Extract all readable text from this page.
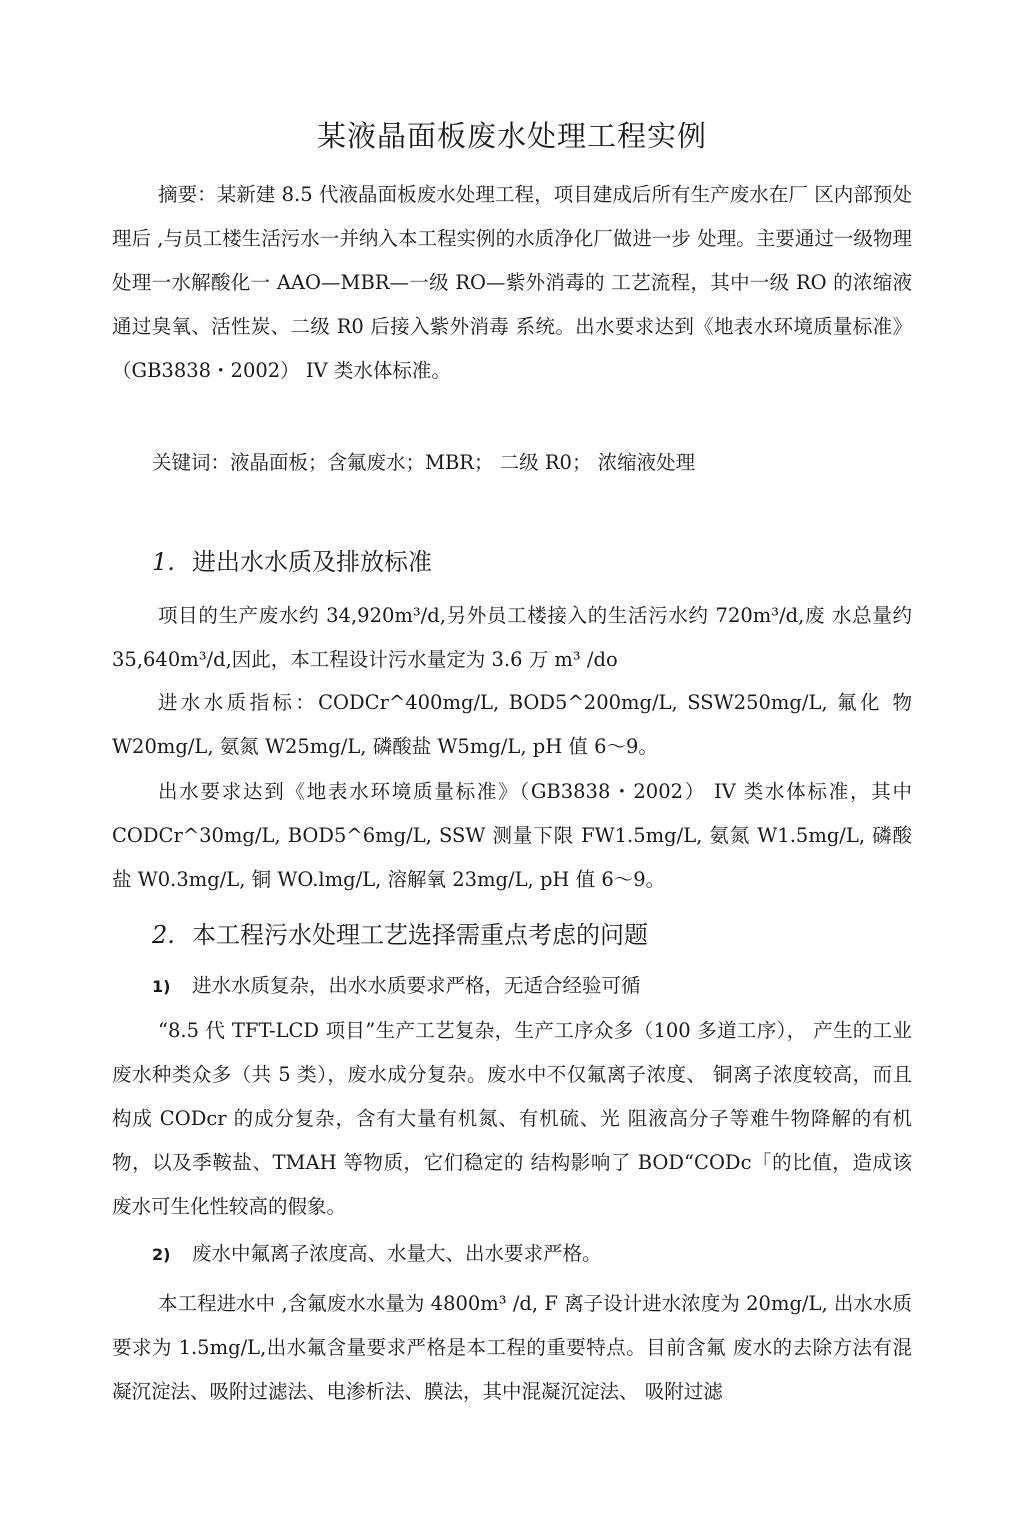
某液晶面板废水处理工程实例
摘要：某新建 8.5 代液晶面板废水处理工程，项目建成后所有生产废水在厂 区内部预处理后 ,与员工楼生活污水一并纳入本工程实例的水质净化厂做进一步 处理。主要通过一级物理处理一水解酸化一 AAO—MBR—一级 RO—紫外消毒的 工艺流程，其中一级 RO 的浓缩液通过臭氧、活性炭、二级 R0 后接入紫外消毒 系统。出水要求达到《地表水环境质量标准》（GB3838・2002） IV 类水体标准。
关键词：液晶面板；含氟废水；MBR； 二级 R0； 浓缩液处理
1. 进出水水质及排放标准
项目的生产废水约 34,920m³/d,另外员工楼接入的生活污水约 720m³/d,废 水总量约 35,640m³/d,因此，本工程设计污水量定为 3.6 万 m³ /do
进水水质指标：CODCr^400mg/L, BOD5^200mg/L, SSW250mg/L, 氟化 物 W20mg/L, 氨氮 W25mg/L, 磷酸盐 W5mg/L, pH 值 6〜9。
出水要求达到《地表水环境质量标准》（GB3838・2002） IV 类水体标准，其中 CODCr^30mg/L, BOD5^6mg/L, SSW 测量下限 FW1.5mg/L, 氨氮 W1.5mg/L, 磷酸盐 W0.3mg/L, 铜 WO.lmg/L, 溶解氧 23mg/L, pH 值 6〜9。
2. 本工程污水处理工艺选择需重点考虑的问题
1) 进水水质复杂，出水水质要求严格，无适合经验可循
“8.5 代 TFT-LCD 项目”生产工艺复杂，生产工序众多（100 多道工序）， 产生的工业废水种类众多（共 5 类），废水成分复杂。废水中不仅氟离子浓度、 铜离子浓度较高，而且构成 CODcr 的成分复杂，含有大量有机氮、有机硫、光 阻液高分子等难牛物降解的有机物，以及季鞍盐、TMAH 等物质，它们稳定的 结构影响了 BOD“CODc「的比值，造成该废水可生化性较高的假象。
2) 废水中氟离子浓度高、水量大、出水要求严格。
本工程进水中 ,含氟废水水量为 4800m³ /d, F 离子设计进水浓度为 20mg/L, 出水水质要求为 1.5mg/L,出水氟含量要求严格是本工程的重要特点。目前含氟 废水的去除方法有混凝沉淀法、吸附过滤法、电渗析法、膜法，其中混凝沉淀法、 吸附过滤
